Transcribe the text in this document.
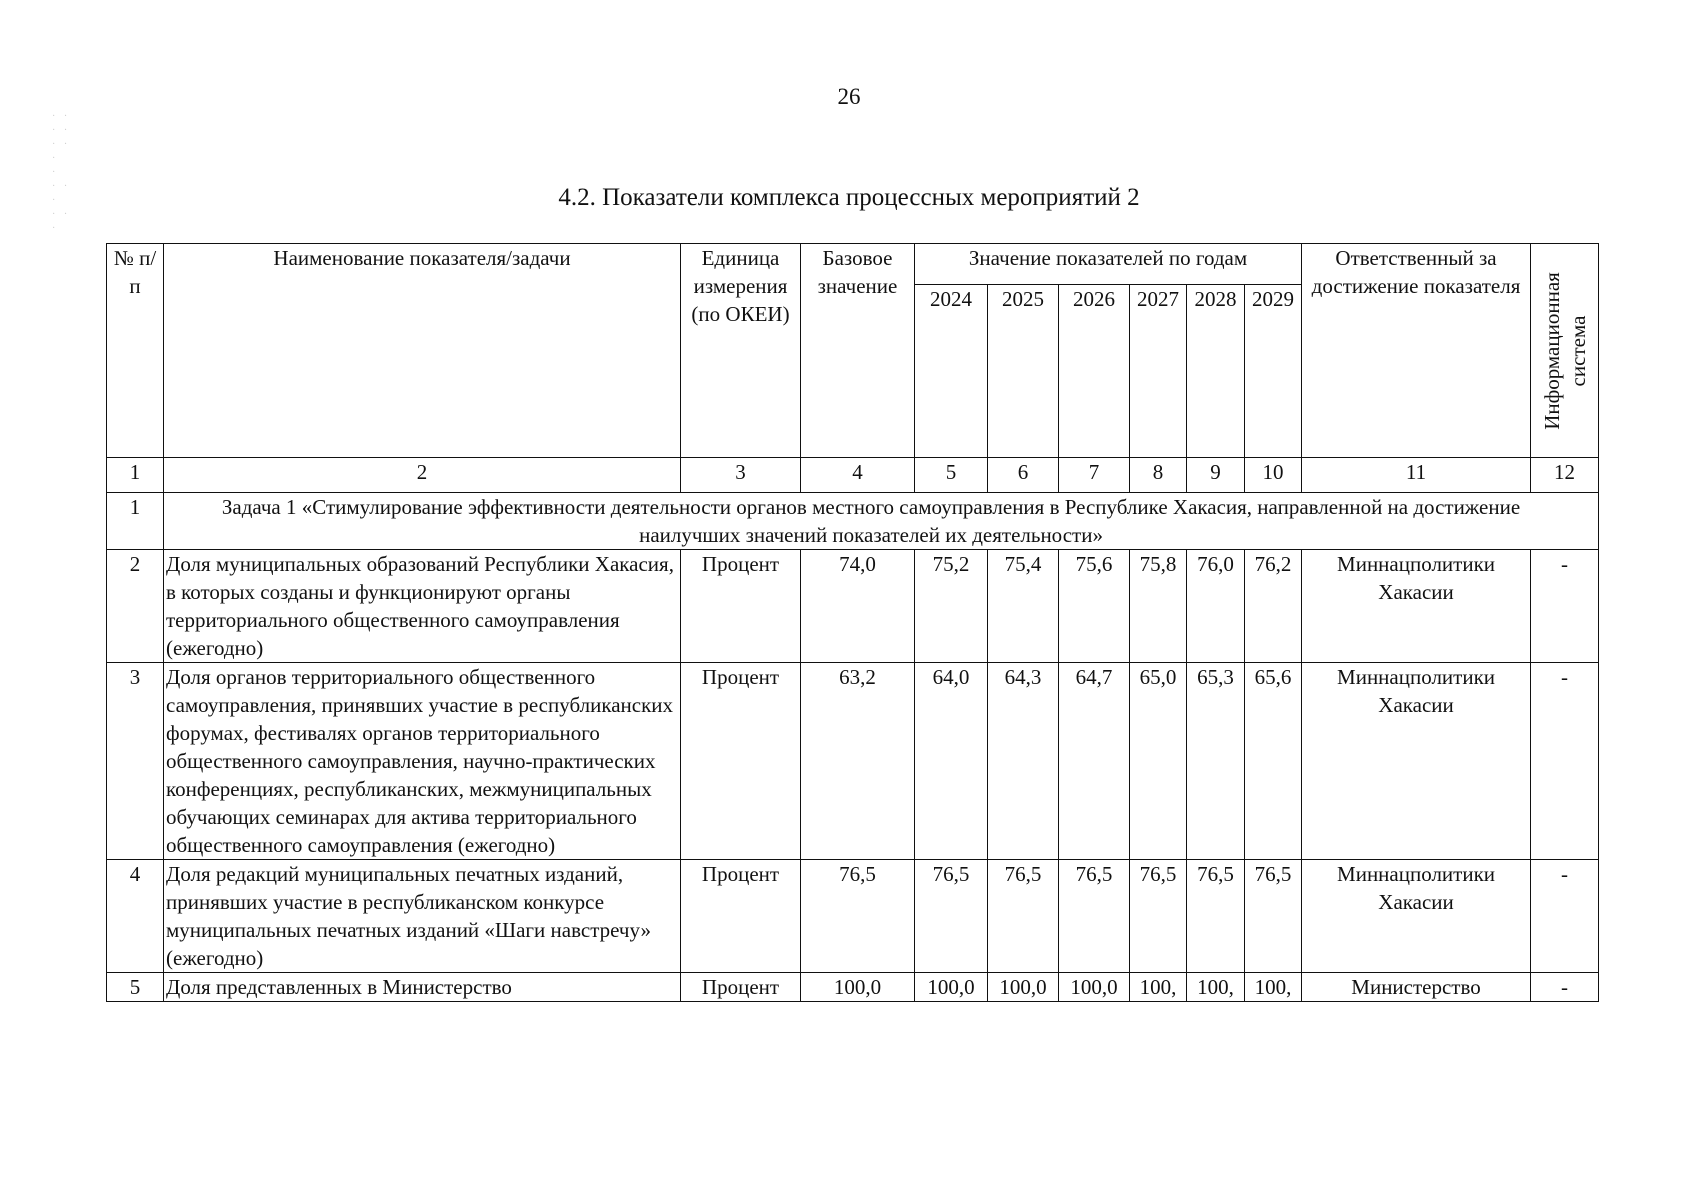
26
· ·
· ·
· ·
·
·
· ·
·
· ·
·
4.2. Показатели комплекса процессных мероприятий 2
№ п/п	Наименование показателя/задачи	Единица измерения (по ОКЕИ)	Базовое значение	Значение показателей по годам						Ответственный за достижение показателя	Информационная система

				2024	2025	2026	2027	2028	2029		
1	2	3	4	5	6	7	8	9	10	11	12
1	Задача 1 «Стимулирование эффективности деятельности органов местного самоуправления в Республике Хакасия, направленной на достижение наилучших значений показателей их деятельности»										
2	Доля муниципальных образований Республики Хакасия, в которых созданы и функционируют органы территориального общественного самоуправления (ежегодно)	Процент	74,0	75,2	75,4	75,6	75,8	76,0	76,2	Миннацполитики Хакасии	-
3	Доля органов территориального общественного самоуправления, принявших участие в республиканских форумах, фестивалях органов территориального общественного самоуправления, научно-практических конференциях, республиканских, межмуниципальных обучающих семинарах для актива территориального общественного самоуправления (ежегодно)	Процент	63,2	64,0	64,3	64,7	65,0	65,3	65,6	Миннацполитики Хакасии	-
4	Доля редакций муниципальных печатных изданий, принявших участие в республиканском конкурсе муниципальных печатных изданий «Шаги навстречу» (ежегодно)	Процент	76,5	76,5	76,5	76,5	76,5	76,5	76,5	Миннацполитики Хакасии	-
5	Доля представленных в Министерство	Процент	100,0	100,0	100,0	100,0	100,	100,	100,	Министерство	-
